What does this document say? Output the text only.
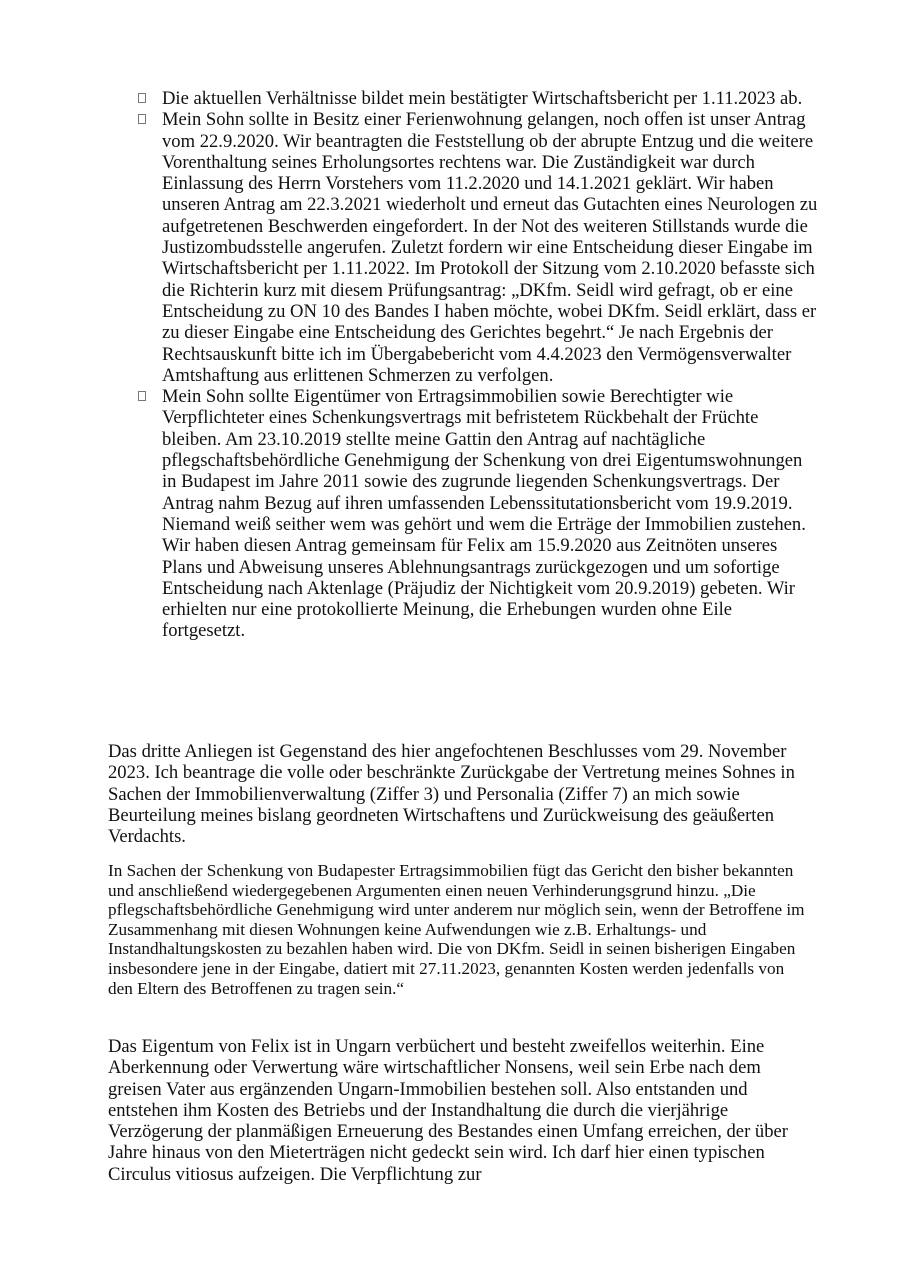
Die aktuellen Verhältnisse bildet mein bestätigter Wirtschaftsbericht per 1.11.2023 ab.
Mein Sohn sollte in Besitz einer Ferienwohnung gelangen, noch offen ist unser Antrag vom 22.9.2020. Wir beantragten die Feststellung ob der abrupte Entzug und die weitere Vorenthaltung seines Erholungsortes rechtens war. Die Zuständigkeit war durch Einlassung des Herrn Vorstehers vom 11.2.2020 und 14.1.2021 geklärt. Wir haben unseren Antrag am 22.3.2021 wiederholt und erneut das Gutachten eines Neurologen zu aufgetretenen Beschwerden eingefordert. In der Not des weiteren Stillstands wurde die Justizombudsstelle angerufen. Zuletzt fordern wir eine Entscheidung dieser Eingabe im Wirtschaftsbericht per 1.11.2022. Im Protokoll der Sitzung vom 2.10.2020 befasste sich die Richterin kurz mit diesem Prüfungsantrag: „DKfm. Seidl wird gefragt, ob er eine Entscheidung zu ON 10 des Bandes I haben möchte, wobei DKfm. Seidl erklärt, dass er zu dieser Eingabe eine Entscheidung des Gerichtes begehrt.“ Je nach Ergebnis der Rechtsauskunft bitte ich im Übergabebericht vom 4.4.2023 den Vermögensverwalter Amtshaftung aus erlittenen Schmerzen zu verfolgen.
Mein Sohn sollte Eigentümer von Ertragsimmobilien sowie Berechtigter wie Verpflichteter eines Schenkungsvertrags mit befristetem Rückbehalt der Früchte bleiben. Am 23.10.2019 stellte meine Gattin den Antrag auf nachtägliche pflegschaftsbehördliche Genehmigung der Schenkung von drei Eigentumswohnungen in Budapest im Jahre 2011 sowie des zugrunde liegenden Schenkungsvertrags. Der Antrag nahm Bezug auf ihren umfassenden Lebenssitutationsbericht vom 19.9.2019. Niemand weiß seither wem was gehört und wem die Erträge der Immobilien zustehen. Wir haben diesen Antrag gemeinsam für Felix am 15.9.2020 aus Zeitnöten unseres Plans und Abweisung unseres Ablehnungsantrags zurückgezogen und um sofortige Entscheidung nach Aktenlage (Präjudiz der Nichtigkeit vom 20.9.2019) gebeten. Wir erhielten nur eine protokollierte Meinung, die Erhebungen wurden ohne Eile fortgesetzt.

Das dritte Anliegen ist Gegenstand des hier angefochtenen Beschlusses vom 29. November 2023. Ich beantrage die volle oder beschränkte Zurückgabe der Vertretung meines Sohnes in Sachen der Immobilienverwaltung (Ziffer 3) und Personalia (Ziffer 7) an mich sowie Beurteilung meines bislang geordneten Wirtschaftens und Zurückweisung des geäußerten Verdachts.

In Sachen der Schenkung von Budapester Ertragsimmobilien fügt das Gericht den bisher bekannten und anschließend wiedergegebenen Argumenten einen neuen Verhinderungsgrund hinzu. „Die pflegschaftsbehördliche Genehmigung wird unter anderem nur möglich sein, wenn der Betroffene im Zusammenhang mit diesen Wohnungen keine Aufwendungen wie z.B. Erhaltungs- und Instandhaltungskosten zu bezahlen haben wird. Die von DKfm. Seidl in seinen bisherigen Eingaben insbesondere jene in der Eingabe, datiert mit 27.11.2023, genannten Kosten werden jedenfalls von den Eltern des Betroffenen zu tragen sein.“

Das Eigentum von Felix ist in Ungarn verbüchert und besteht zweifellos weiterhin. Eine Aberkennung oder Verwertung wäre wirtschaftlicher Nonsens, weil sein Erbe nach dem greisen Vater aus ergänzenden Ungarn-Immobilien bestehen soll. Also entstanden und entstehen ihm Kosten des Betriebs und der Instandhaltung die durch die vierjährige Verzögerung der planmäßigen Erneuerung des Bestandes einen Umfang erreichen, der über Jahre hinaus von den Mieterträgen nicht gedeckt sein wird. Ich darf hier einen typischen Circulus vitiosus aufzeigen. Die Verpflichtung zur
